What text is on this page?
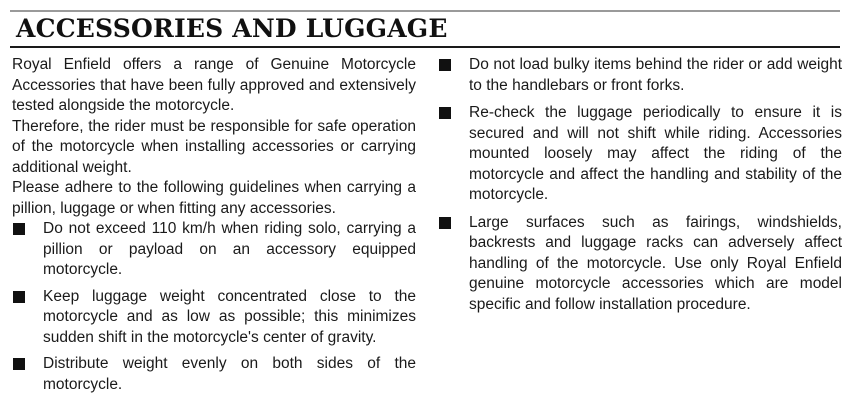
ACCESSORIES AND LUGGAGE

Royal Enfield offers a range of Genuine Motorcycle Accessories that have been fully approved and extensively tested alongside the motorcycle.

Therefore, the rider must be responsible for safe operation of the motorcycle when installing accessories or carrying additional weight.

Please adhere to the following guidelines when carrying a pillion, luggage or when fitting any accessories.

Do not exceed 110 km/h when riding solo, carrying a pillion or payload on an accessory equipped motorcycle.
Keep luggage weight concentrated close to the motorcycle and as low as possible; this minimizes sudden shift in the motorcycle's center of gravity.
Distribute weight evenly on both sides of the motorcycle.
Do not load bulky items behind the rider or add weight to the handlebars or front forks.
Re-check the luggage periodically to ensure it is secured and will not shift while riding. Accessories mounted loosely may affect the riding of the motorcycle and affect the handling and stability of the motorcycle.
Large surfaces such as fairings, windshields, backrests and luggage racks can adversely affect handling of the motorcycle. Use only Royal Enfield genuine motorcycle accessories which are model specific and follow installation procedure.
